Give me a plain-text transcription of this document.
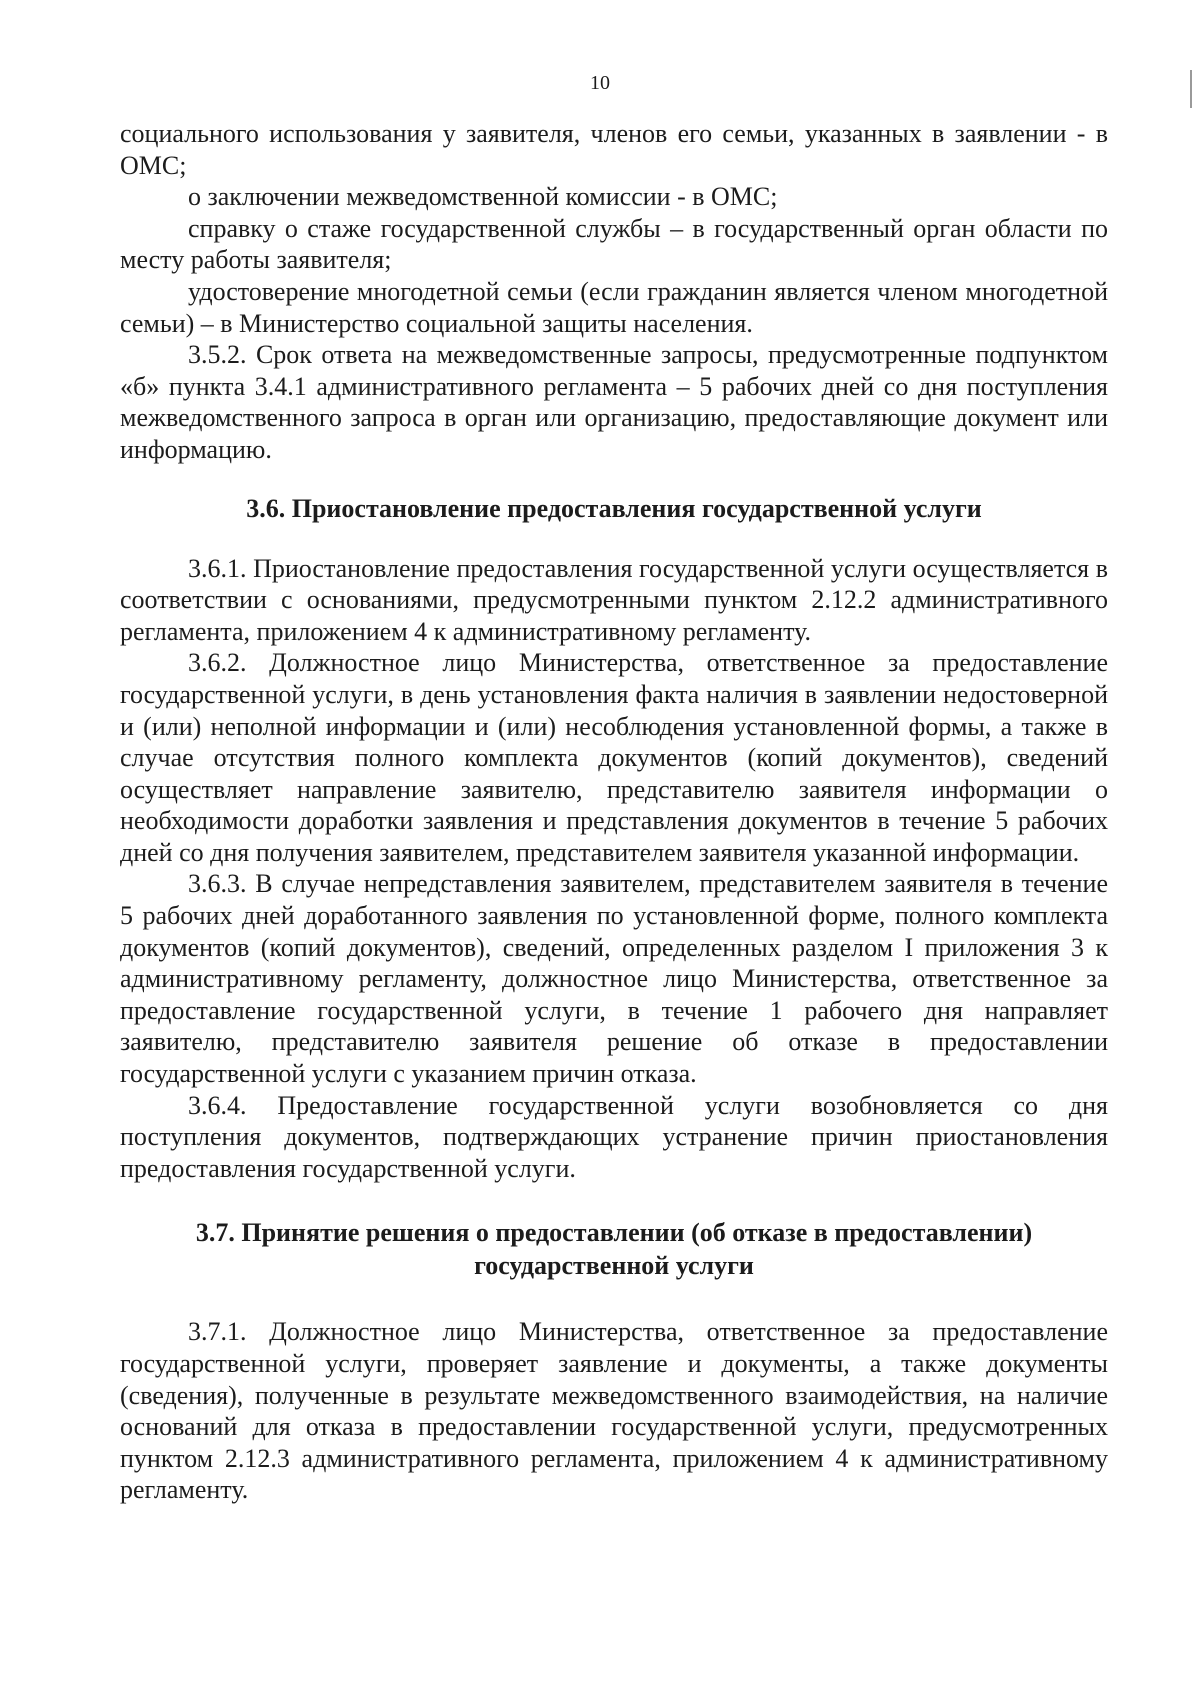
10

социального использования у заявителя, членов его семьи, указанных в заявлении - в ОМС;

о заключении межведомственной комиссии - в ОМС;

справку о стаже государственной службы – в государственный орган области по месту работы заявителя;

удостоверение многодетной семьи (если гражданин является членом многодетной семьи) – в Министерство социальной защиты населения.

3.5.2. Срок ответа на межведомственные запросы, предусмотренные подпунктом «б» пункта 3.4.1 административного регламента – 5 рабочих дней со дня поступления межведомственного запроса в орган или организацию, предоставляющие документ или информацию.

3.6. Приостановление предоставления государственной услуги

3.6.1. Приостановление предоставления государственной услуги осуществляется в соответствии с основаниями, предусмотренными пунктом 2.12.2 административного регламента, приложением 4 к административному регламенту.

3.6.2. Должностное лицо Министерства, ответственное за предоставление государственной услуги, в день установления факта наличия в заявлении недостоверной и (или) неполной информации и (или) несоблюдения установленной формы, а также в случае отсутствия полного комплекта документов (копий документов), сведений осуществляет направление заявителю, представителю заявителя информации о необходимости доработки заявления и представления документов в течение 5 рабочих дней со дня получения заявителем, представителем заявителя указанной информации.

3.6.3. В случае непредставления заявителем, представителем заявителя в течение 5 рабочих дней доработанного заявления по установленной форме, полного комплекта документов (копий документов), сведений, определенных разделом I приложения 3 к административному регламенту, должностное лицо Министерства, ответственное за предоставление государственной услуги, в течение 1 рабочего дня направляет заявителю, представителю заявителя решение об отказе в предоставлении государственной услуги с указанием причин отказа.

3.6.4. Предоставление государственной услуги возобновляется со дня поступления документов, подтверждающих устранение причин приостановления предоставления государственной услуги.

3.7. Принятие решения о предоставлении (об отказе в предоставлении)
государственной услуги

3.7.1. Должностное лицо Министерства, ответственное за предоставление государственной услуги, проверяет заявление и документы, а также документы (сведения), полученные в результате межведомственного взаимодействия, на наличие оснований для отказа в предоставлении государственной услуги, предусмотренных пунктом 2.12.3 административного регламента, приложением 4 к административному регламенту.
